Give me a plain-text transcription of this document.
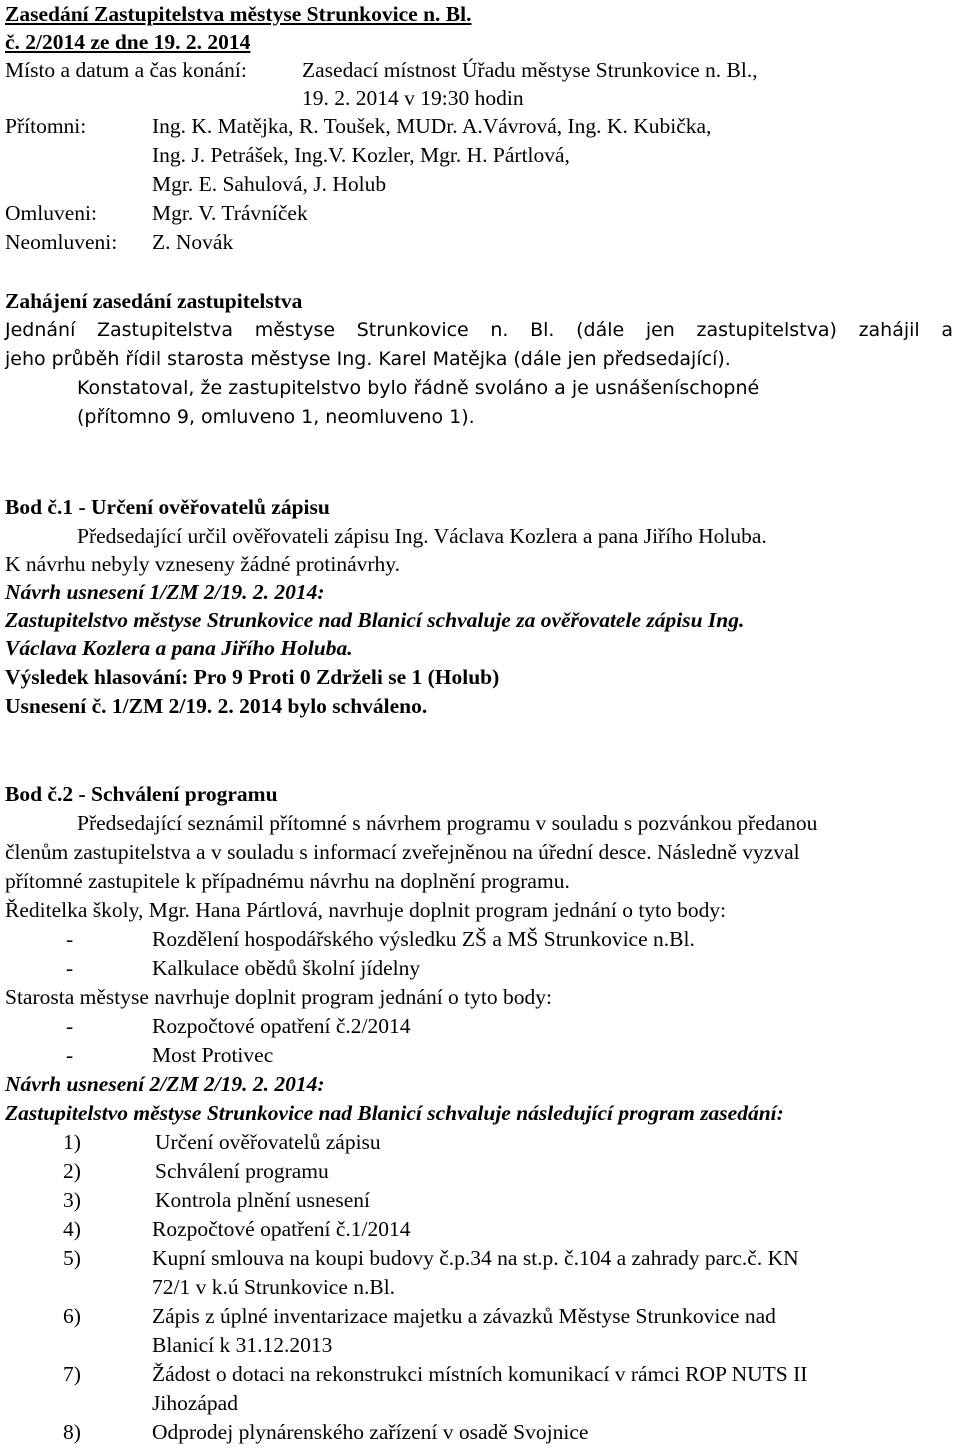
Zasedání Zastupitelstva městyse Strunkovice n. Bl.
č. 2/2014 ze dne 19. 2. 2014
Místo a datum a čas konání:	Zasedací místnost Úřadu městyse Strunkovice n. Bl.,
19. 2. 2014 v 19:30 hodin
Přítomni:	Ing. K. Matějka, R. Toušek, MUDr. A.Vávrová, Ing. K. Kubička,
Ing. J. Petrášek, Ing.V. Kozler, Mgr. H. Pártlová,
Mgr. E. Sahulová, J. Holub
Omluveni:	Mgr. V. Trávníček
Neomluveni: Z. Novák
Zahájení zasedání zastupitelstva
Jednání Zastupitelstva městyse Strunkovice n. Bl. (dále jen zastupitelstva) zahájil a
jeho průběh řídil starosta městyse Ing. Karel Matějka (dále jen předsedající).
Konstatoval, že zastupitelstvo bylo řádně svoláno a je usnášeníschopné
(přítomno 9, omluveno 1, neomluveno 1).
Bod č.1 - Určení ověřovatelů zápisu
Předsedající určil ověřovateli zápisu Ing. Václava Kozlera a pana Jiřího Holuba.
K návrhu nebyly vzneseny žádné protinávrhy.
Návrh usnesení 1/ZM 2/19. 2. 2014:
Zastupitelstvo městyse Strunkovice nad Blanicí schvaluje za ověřovatele zápisu Ing.
Václava Kozlera a pana Jiřího Holuba.
Výsledek hlasování: Pro 9 Proti 0 Zdrželi se 1 (Holub)
Usnesení č. 1/ZM 2/19. 2. 2014 bylo schváleno.
Bod č.2 - Schválení programu
Předsedající seznámil přítomné s návrhem programu v souladu s pozvánkou předanou
členům zastupitelstva a v souladu s informací zveřejněnou na úřední desce. Následně vyzval
přítomné zastupitele k případnému návrhu na doplnění programu.
Ředitelka školy, Mgr. Hana Pártlová, navrhuje doplnit program jednání o tyto body:
-	Rozdělení hospodářského výsledku ZŠ a MŠ Strunkovice n.Bl.
-	Kalkulace obědů školní jídelny
Starosta městyse navrhuje doplnit program jednání o tyto body:
-	Rozpočtové opatření č.2/2014
-	Most Protivec
Návrh usnesení 2/ZM 2/19. 2. 2014:
Zastupitelstvo městyse Strunkovice nad Blanicí schvaluje následující program zasedání:
1)	Určení ověřovatelů zápisu
2)	Schválení programu
3)	Kontrola plnění usnesení
4)	Rozpočtové opatření č.1/2014
5)	Kupní smlouva na koupi budovy č.p.34 na st.p. č.104 a zahrady parc.č. KN
72/1 v k.ú Strunkovice n.Bl.
6)	Zápis z úplné inventarizace majetku a závazků Městyse Strunkovice nad
Blanicí k 31.12.2013
7)	Žádost o dotaci na rekonstrukci místních komunikací v rámci ROP NUTS II
Jihozápad
8)	Odprodej plynárenského zařízení v osadě Svojnice
